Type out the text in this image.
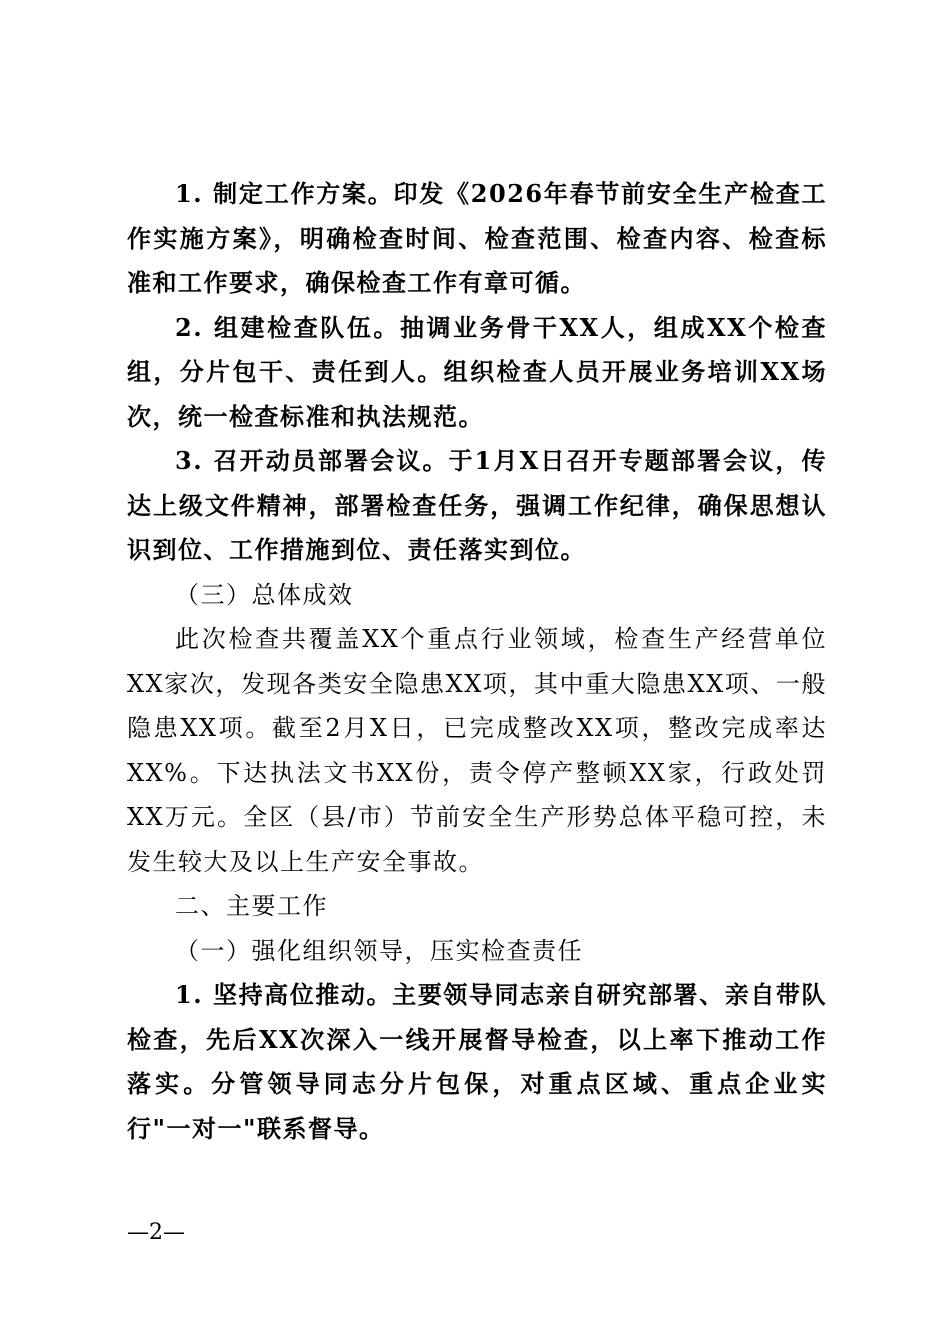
1. 制定工作方案。印发《2026年春节前安全生产检查工作实施方案》，明确检查时间、检查范围、检查内容、检查标准和工作要求，确保检查工作有章可循。

2. 组建检查队伍。抽调业务骨干XX人，组成XX个检查组，分片包干、责任到人。组织检查人员开展业务培训XX场次，统一检查标准和执法规范。

3. 召开动员部署会议。于1月X日召开专题部署会议，传达上级文件精神，部署检查任务，强调工作纪律，确保思想认识到位、工作措施到位、责任落实到位。

（三）总体成效

此次检查共覆盖XX个重点行业领域，检查生产经营单位XX家次，发现各类安全隐患XX项，其中重大隐患XX项、一般隐患XX项。截至2月X日，已完成整改XX项，整改完成率达XX%。下达执法文书XX份，责令停产整顿XX家，行政处罚XX万元。全区（县/市）节前安全生产形势总体平稳可控，未发生较大及以上生产安全事故。

二、主要工作

（一）强化组织领导，压实检查责任

1. 坚持高位推动。主要领导同志亲自研究部署、亲自带队检查，先后XX次深入一线开展督导检查，以上率下推动工作落实。分管领导同志分片包保，对重点区域、重点企业实行"一对一"联系督导。

—2—
